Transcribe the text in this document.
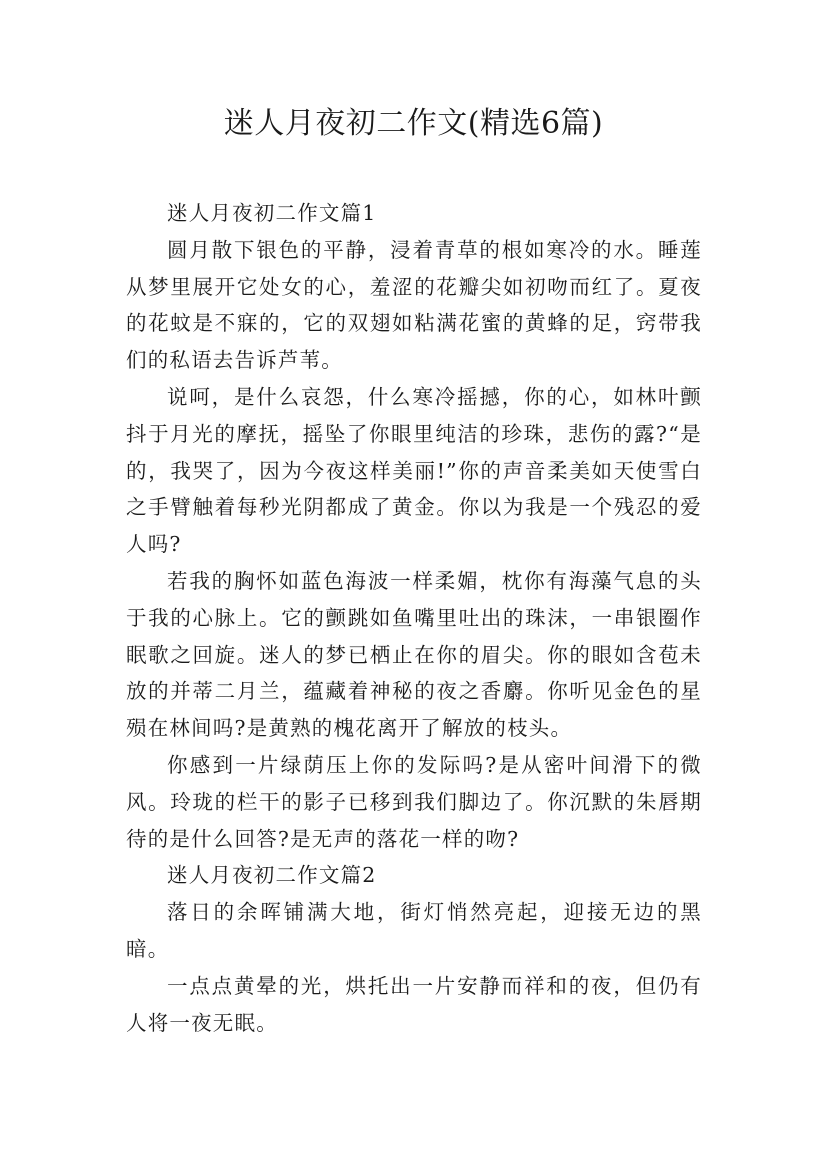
迷人月夜初二作文(精选6篇)

迷人月夜初二作文篇1

圆月散下银色的平静，浸着青草的根如寒冷的水。睡莲从梦里展开它处女的心，羞涩的花瓣尖如初吻而红了。夏夜的花蚊是不寐的，它的双翅如粘满花蜜的黄蜂的足，窍带我们的私语去告诉芦苇。

说呵，是什么哀怨，什么寒冷摇撼，你的心，如林叶颤抖于月光的摩抚，摇坠了你眼里纯洁的珍珠，悲伤的露?“是的，我哭了，因为今夜这样美丽!”你的声音柔美如天使雪白之手臂触着每秒光阴都成了黄金。你以为我是一个残忍的爱人吗?

若我的胸怀如蓝色海波一样柔媚，枕你有海藻气息的头于我的心脉上。它的颤跳如鱼嘴里吐出的珠沫，一串银圈作眠歌之回旋。迷人的梦已栖止在你的眉尖。你的眼如含苞未放的并蒂二月兰，蕴藏着神秘的夜之香麝。你听见金色的星殒在林间吗?是黄熟的槐花离开了解放的枝头。

你感到一片绿荫压上你的发际吗?是从密叶间滑下的微风。玲珑的栏干的影子已移到我们脚边了。你沉默的朱唇期待的是什么回答?是无声的落花一样的吻?

迷人月夜初二作文篇2

落日的余晖铺满大地，街灯悄然亮起，迎接无边的黑暗。

一点点黄晕的光，烘托出一片安静而祥和的夜，但仍有人将一夜无眠。
